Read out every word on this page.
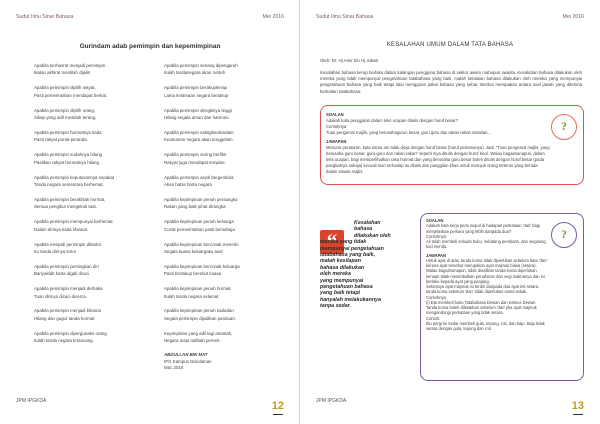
Sudut Ilmu Sinar Bahasa	Mei 2016
Gurindam adab pemimpin dan kepemimpinan
Apabila berhasrat menjadi pemimpin
Ikatan akhirat mestilah dijalin
Apabila pemimpin dipilih rakyat,
Pasti pemerintahan mendapat berkat.
Apabila pemimpin dipilih orang,
Sikap yang adil mestilah terang.
Apabila pemimpin hormatnya tiada
Pasti rakyat porak-peranda.
Apabila pemimpin sudahnya hilang
Pastikan rakyat hormatnya hilang.
Apabila pemimpin keputusannya sepakat
Tanda negara sementara berhemat.
Apabila pemimpin berakhlak hormat,
Semua pengikut mengekoti taat.
Apabila pemimpin mempunyai berhemat
Dalam dirinya tiada khianat.
Apabila menjadi pemimpin diktator
Itu tanda dirinya kotor
Apabila pemimpin pentingkan diri
Banyaklah harta digali dicuri.
Apabila pemimpin menjadi derhaka
Tuan dirinya dicaci dicerca
Apabila pemimpin menjadi khianat
Hilang dan gugur tanda hormat
Apabila pemimpin dipergunakn orang
Itulah tanda negara terancang.
Apabila pemimpin senang dipengaruh
Itulah tandanegara akan runtuh
Apabila pemimpin berakupkerap
Lama kelamaan negara bertakup
Apabila pemimpin dengkinya tinggi
Hilang segala aman dan harmoni.
Apabila pemimpin salingberdendam
Keamanan negara akan tenggelam.
Apabila pemimpin sering berfikir
Rakyat juga mendapat tempias.
Apabila pemimpin asyik bergembira
Akan habis harta negara
Apabila kepimpinan penuh persangka
Rakan yang baik pihat dirangka
Apabila kepimpinan penuh keluarga
Corak pemerintahan pasti bersahaja
Apabila kepimpinan berconak menerki
Segala kuasa keluargaku asal
Apabila kepimpinan berconak keluarga
Pasti bertakup berebut kuasa
Apabila kepimpinan penuh hormat
Itulah tanda negara selamat
Apabila kepimpinan penuh tauladan
Segala pemimpin dijadikan panduan.
Kepimpinan yang adil lagi amanah,
Negara maju tadbiah pemeh.
ABDULLAH BIN MAT
IPG Kampus Darulaman
Mac 2016
JPM IPGKDA	12
Sudut Ilmu Sinar Bahasa	Mei 2016
KESALAHAN UMUM DALAM TATA BAHASA
Oleh: Dr. Hj Amir bin Hj Jubari
Kesalahan bahasa kerap berlaku dalam kalangan pengguna bahasa di sektor awam mahupun swasta. Kesalahan bahasa dilakukan oleh mereka yang tidak mempunyai pengetahuan tatabahasa yang baik, malah kelalaian bahasa dilakukan oleh mereka yang mempunyai pengetahuan bahasa yang baik tetapi lalai mengguna pakai bahasa yang sebar. Berikut merupakan antara soal jawab yang diterima berkaitan tatabahasa:
SOALAN
Adakah kata penggalan dalam teks ucapan ditulis dengan huruf besar?
Contohnya:
Tuan pengerusi majlis, yang berusahagurun besar, guru guru dan rakan-rakan sekalian...
JAWAPAN
Menurut peraturan, kata nama am tidak dieja dengan huruf besar (huruf pertamanya). Jadi, "Tuan pengerusi majlis, yang berusaha guru besar, guru-guru dan rakan-rakan" seperti mya ditulis dengan huruf kecil. Walau bagaimanapun, dalam teks ucapan, bagi memperlihatkan rasa hormat dan yang berusaha guru besar boleh ditulis dengan huruf besar (pada pangkalnya sahaja) kecuali tuan terhadap itu ditulis dan panggilan khas untuk merujuk orang tertentu yang berada dalam situasi majlis.
?
“
Kesalahan
bahasa
dilakukan oleh
mereka yang tidak
mempunyai pengetahuan
tatabahasa yang baik,
malah kesilapan
bahasa dilakukan
oleh mereka
yang mempunyai
pengetahuan bahasa
yang baik tetapi
hanyalah melakukannya
tanpa sedar.
SOALAN
Adakah kata kerja perlu wujud di hadapan perkataan 'dari' bagi menjelaskan perkara yang lebih daripada dua?
Contohnya:
Ali telah membeli sebuah buku, sebatang pembaris, dan segulung kod mendu.
JAWAPAN
Untuk ayat di atas, tanda koma tidak diperlukan sebelum kata 'dan' kerana ayat tersebut merupakan ayat majmuk biasa (setara). Walau bagaimanapun, tidak dinafikan tanda koma diperlukan kenaan tidak menimbulkan penafsiran dari segi maknanya dan ini berlaku kepada ayat yang panjang.
Sekiranya ayat majmuk ini terdiri daripada dua ayat inti setara, tanda koma sebelum 'dan' tidak diperlukan sama sekali.
Contohnya:
(i) Dia membeli buku Tatabahasa Dewan dan Kamus Dewan. Tanda koma boleh diletakkan sebelum 'dan' jika ayat majmuk mengandungi perkataan yang tidak setara.
Contoh:
Ibu pergi ke kedai membeli gula, tepung, roti, dan baju. Baju tidak setara dengan gula, tepung dan roti.
?
JPM IPGKDA	13
